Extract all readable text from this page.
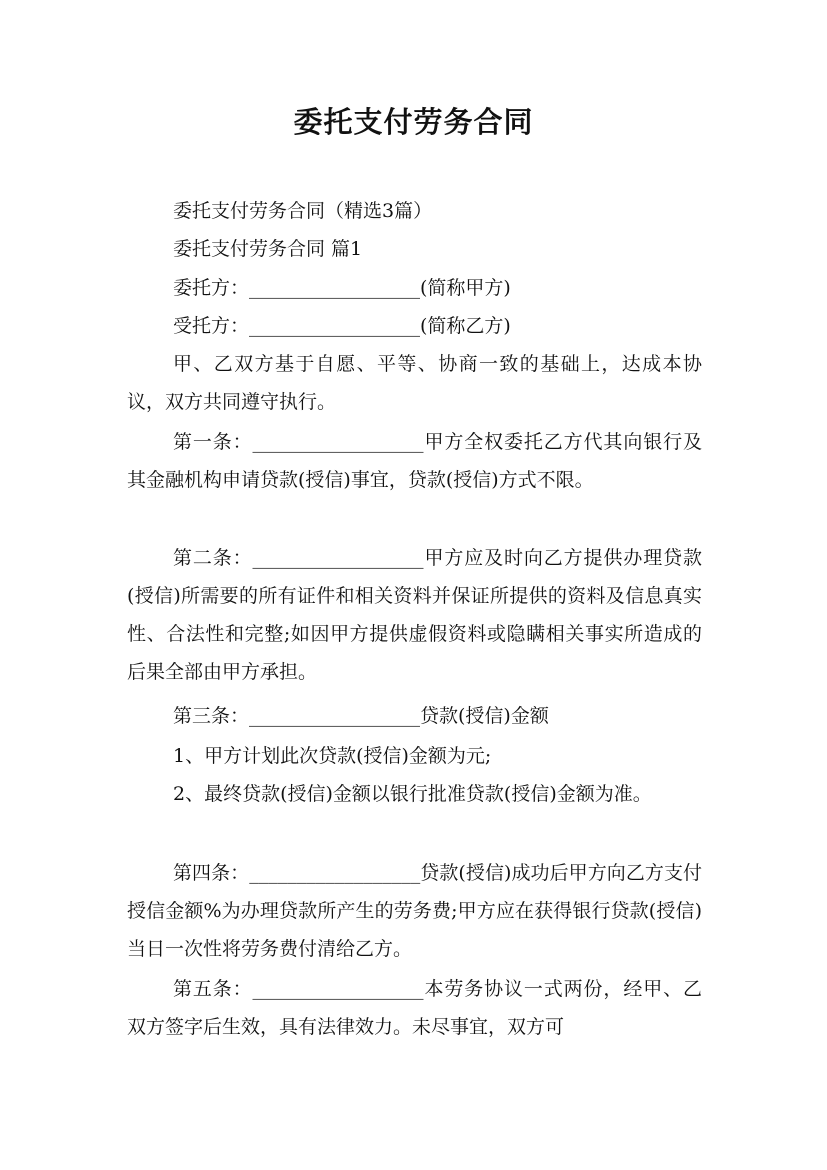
委托支付劳务合同
委托支付劳务合同（精选3篇）
委托支付劳务合同 篇1
委托方：__________________(简称甲方)
受托方：__________________(简称乙方)
甲、乙双方基于自愿、平等、协商一致的基础上，达成本协议，双方共同遵守执行。
第一条：__________________甲方全权委托乙方代其向银行及其金融机构申请贷款(授信)事宜，贷款(授信)方式不限。
第二条：__________________甲方应及时向乙方提供办理贷款(授信)所需要的所有证件和相关资料并保证所提供的资料及信息真实性、合法性和完整;如因甲方提供虚假资料或隐瞒相关事实所造成的后果全部由甲方承担。
第三条：__________________贷款(授信)金额
1、甲方计划此次贷款(授信)金额为元;
2、最终贷款(授信)金额以银行批准贷款(授信)金额为准。
第四条：__________________贷款(授信)成功后甲方向乙方支付授信金额%为办理贷款所产生的劳务费;甲方应在获得银行贷款(授信)当日一次性将劳务费付清给乙方。
第五条：__________________本劳务协议一式两份，经甲、乙双方签字后生效，具有法律效力。未尽事宜，双方可
